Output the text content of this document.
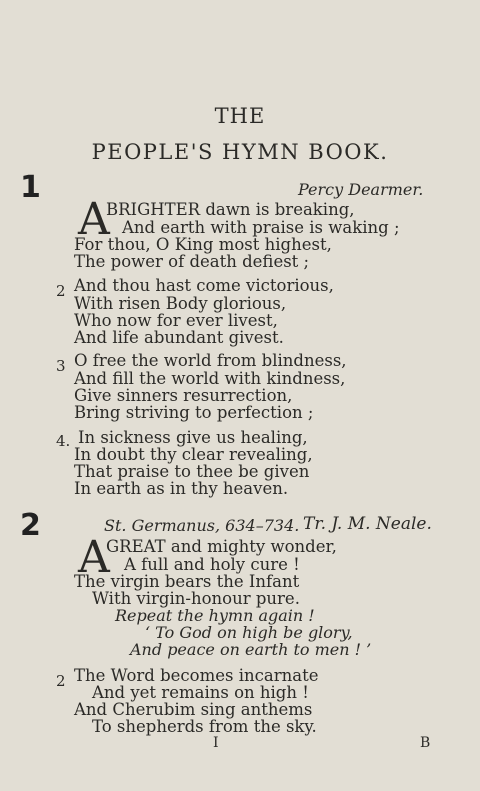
THE
PEOPLE'S HYMN BOOK.
1	Percy Dearmer.
A
BRIGHTER dawn is breaking,
And earth with praise is waking ;
For thou, O King most highest,
The power of death defiest ;
2 And thou hast come victorious,
With risen Body glorious,
Who now for ever livest,
And life abundant givest.
3 O free the world from blindness,
And fill the world with kindness,
Give sinners resurrection,
Bring striving to perfection ;
4. In sickness give us healing,
In doubt thy clear revealing,
That praise to thee be given
In earth as in thy heaven.
2	St. Germanus, 634–734. Tr. J. M. Neale.
A
GREAT and mighty wonder,
A full and holy cure !
The virgin bears the Infant
With virgin-honour pure.
Repeat the hymn again !
‘ To God on high be glory,
And peace on earth to men ! ’
2 The Word becomes incarnate
And yet remains on high !
And Cherubim sing anthems
To shepherds from the sky.
I	B
